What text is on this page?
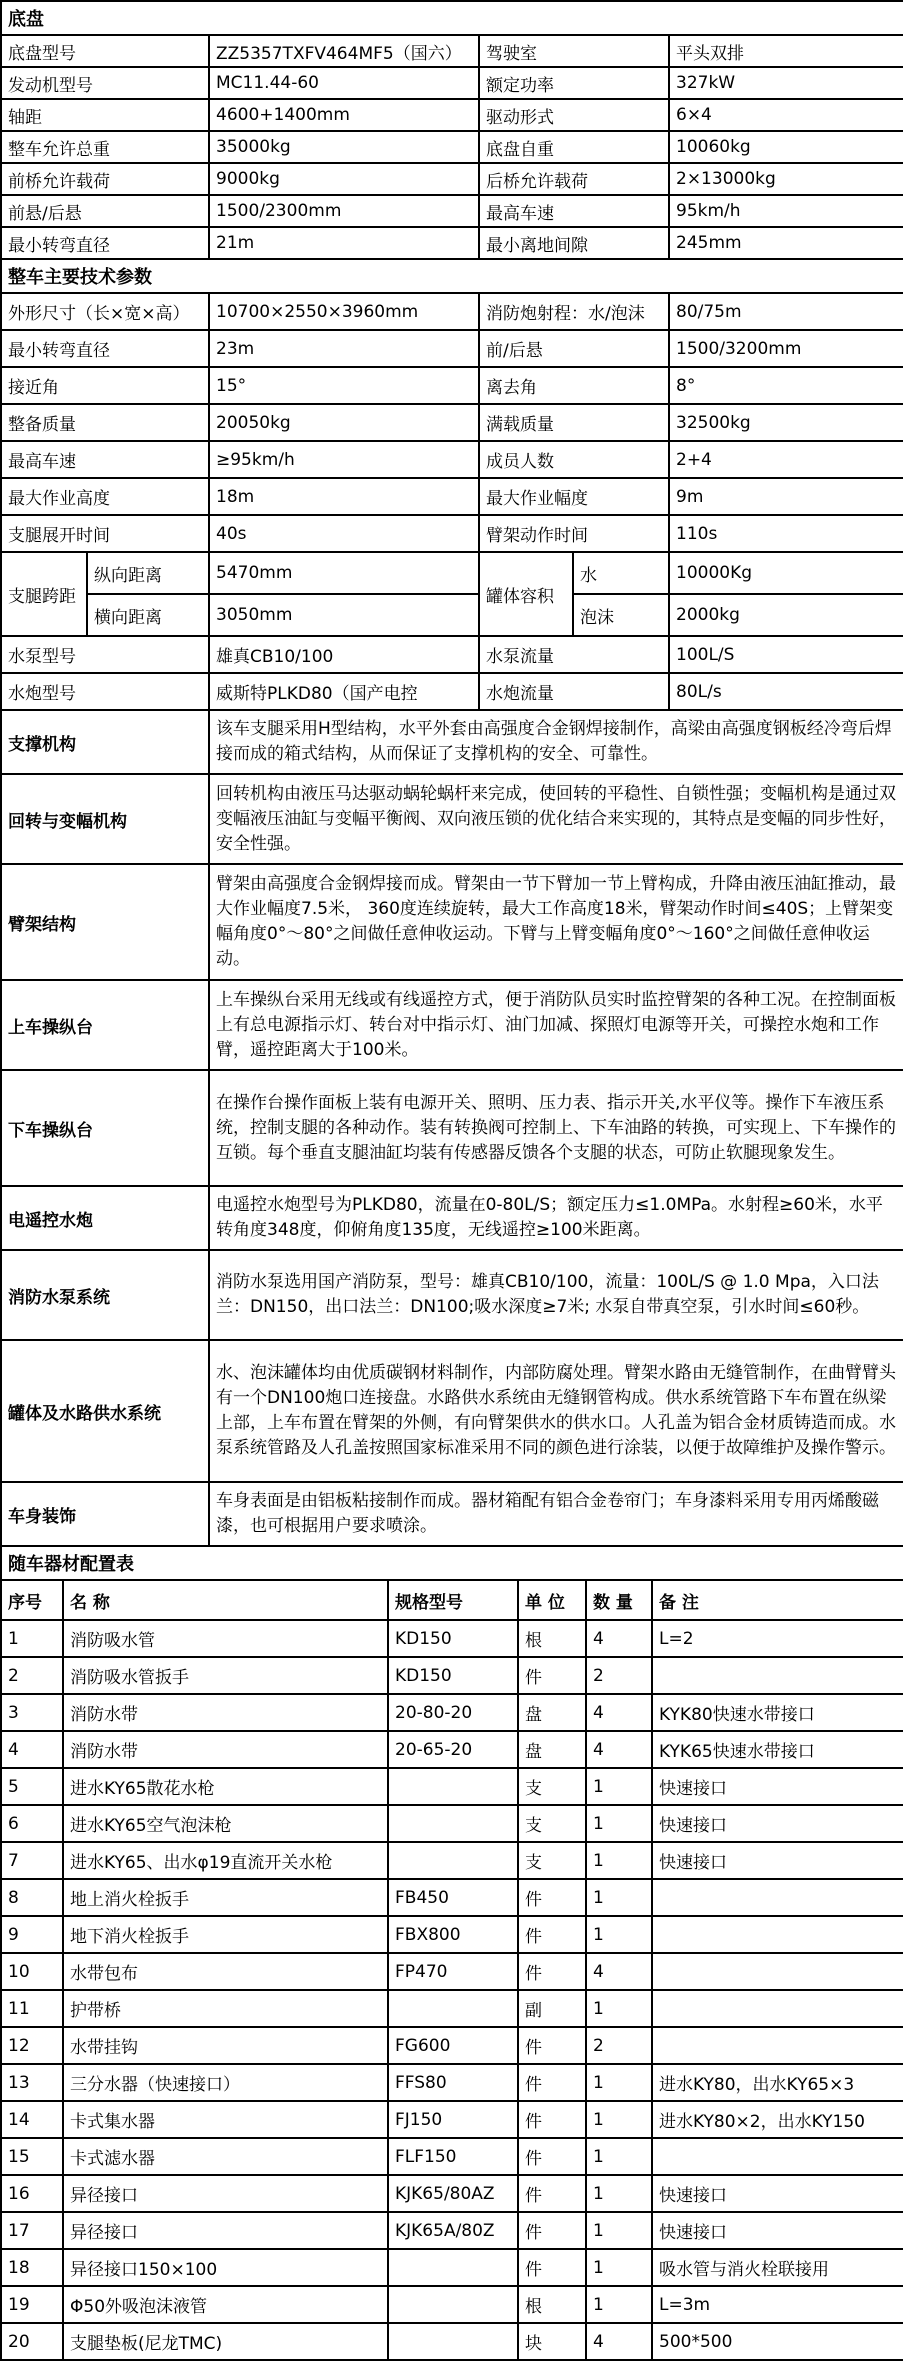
底盘			
底盘型号	ZZ5357TXFV464MF5（国六）	驾驶室	平头双排
发动机型号	MC11.44-60	额定功率	327kW
轴距	4600+1400mm	驱动形式	6×4
整车允许总重	35000kg	底盘自重	10060kg
前桥允许载荷	9000kg	后桥允许载荷	2×13000kg
前悬/后悬	1500/2300mm	最高车速	95km/h
最小转弯直径	21m	最小离地间隙	245mm
整车主要技术参数			
外形尺寸（长×宽×高）	10700×2550×3960mm	消防炮射程：水/泡沫	80/75m
最小转弯直径	23m	前/后悬	1500/3200mm
接近角	15°	离去角	8°
整备质量	20050kg	满载质量	32500kg
最高车速	≥95km/h	成员人数	2+4
最大作业高度	18m	最大作业幅度	9m
支腿展开时间	40s	臂架动作时间	110s
支腿跨距	纵向距离	5470mm	罐体容积	水	10000Kg
	横向距离	3050mm		泡沫	2000kg
水泵型号	雄真CB10/100	水泵流量	100L/S
水炮型号	威斯特PLKD80（国产电控	水炮流量	80L/s
支撑机构	该车支腿采用H型结构，水平外套由高强度合金钢焊接制作，高梁由高强度钢板经冷弯后焊接而成的箱式结构，从而保证了支撑机构的安全、可靠性。
回转与变幅机构	回转机构由液压马达驱动蜗轮蜗杆来完成，使回转的平稳性、自锁性强；变幅机构是通过双变幅液压油缸与变幅平衡阀、双向液压锁的优化结合来实现的，其特点是变幅的同步性好，安全性强。
臂架结构	臂架由高强度合金钢焊接而成。臂架由一节下臂加一节上臂构成，升降由液压油缸推动，最大作业幅度7.5米， 360度连续旋转，最大工作高度18米，臂架动作时间≤40S；上臂架变幅角度0°～80°之间做任意伸收运动。下臂与上臂变幅角度0°～160°之间做任意伸收运动。
上车操纵台	上车操纵台采用无线或有线遥控方式，便于消防队员实时监控臂架的各种工况。在控制面板上有总电源指示灯、转台对中指示灯、油门加减、探照灯电源等开关，可操控水炮和工作臂，遥控距离大于100米。
下车操纵台	在操作台操作面板上装有电源开关、照明、压力表、指示开关,水平仪等。操作下车液压系统，控制支腿的各种动作。装有转换阀可控制上、下车油路的转换，可实现上、下车操作的互锁。每个垂直支腿油缸均装有传感器反馈各个支腿的状态，可防止软腿现象发生。
电遥控水炮	电遥控水炮型号为PLKD80，流量在0-80L/S；额定压力≤1.0MPa。水射程≥60米，水平转角度348度，仰俯角度135度，无线遥控≥100米距离。
消防水泵系统	消防水泵选用国产消防泵，型号：雄真CB10/100，流量：100L/S @ 1.0 Mpa，入口法兰：DN150，出口法兰：DN100;吸水深度≥7米; 水泵自带真空泵，引水时间≤60秒。
罐体及水路供水系统	水、泡沫罐体均由优质碳钢材料制作，内部防腐处理。臂架水路由无缝管制作，在曲臂臂头有一个DN100炮口连接盘。水路供水系统由无缝钢管构成。供水系统管路下车布置在纵梁上部，上车布置在臂架的外侧，有向臂架供水的供水口。人孔盖为铝合金材质铸造而成。水泵系统管路及人孔盖按照国家标准采用不同的颜色进行涂装，以便于故障维护及操作警示。
车身装饰	车身表面是由铝板粘接制作而成。器材箱配有铝合金卷帘门；车身漆料采用专用丙烯酸磁漆，也可根据用户要求喷涂。
随车器材配置表					
序号	名 称	规格型号	单 位	数 量	备 注
1	消防吸水管	KD150	根	4	L=2
2	消防吸水管扳手	KD150	件	2	
3	消防水带	20-80-20	盘	4	KYK80快速水带接口
4	消防水带	20-65-20	盘	4	KYK65快速水带接口
5	进水KY65散花水枪		支	1	快速接口
6	进水KY65空气泡沫枪		支	1	快速接口
7	进水KY65、出水φ19直流开关水枪		支	1	快速接口
8	地上消火栓扳手	FB450	件	1	
9	地下消火栓扳手	FBX800	件	1	
10	水带包布	FP470	件	4	
11	护带桥		副	1	
12	水带挂钩	FG600	件	2	
13	三分水器（快速接口）	FFS80	件	1	进水KY80，出水KY65×3
14	卡式集水器	FJ150	件	1	进水KY80×2，出水KY150
15	卡式滤水器	FLF150	件	1	
16	异径接口	KJK65/80AZ	件	1	快速接口
17	异径接口	KJK65A/80Z	件	1	快速接口
18	异径接口150×100		件	1	吸水管与消火栓联接用
19	Φ50外吸泡沫液管		根	1	L=3m
20	支腿垫板(尼龙TMC)		块	4	500*500
